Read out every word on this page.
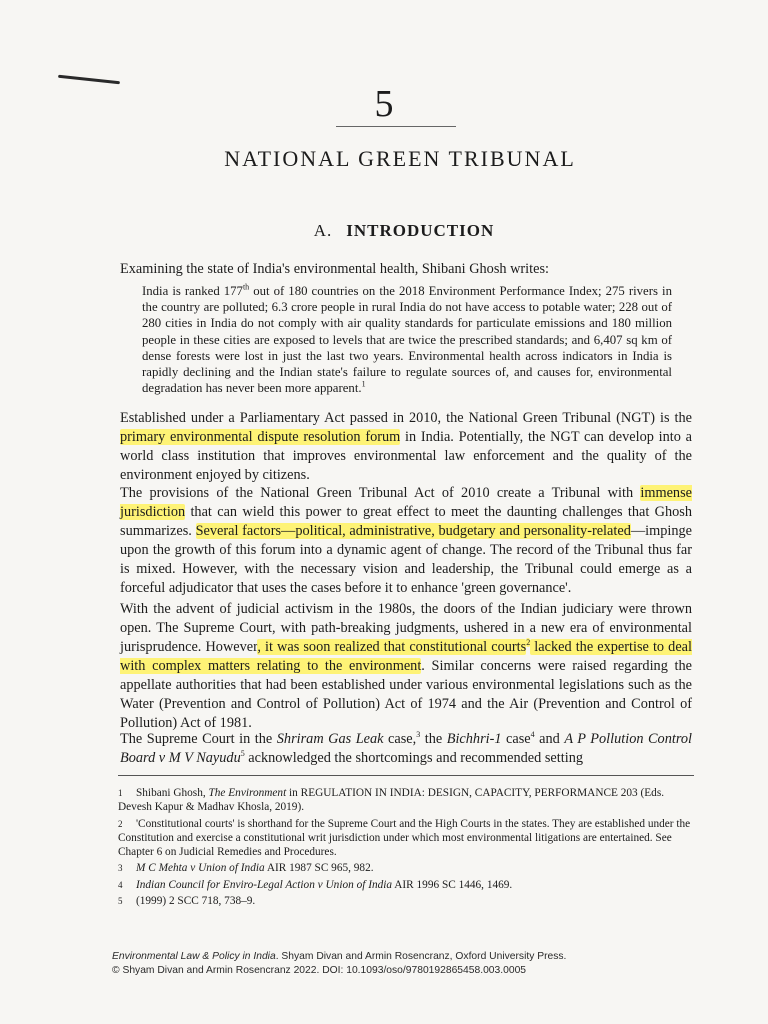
5
NATIONAL GREEN TRIBUNAL
A. INTRODUCTION

Examining the state of India's environmental health, Shibani Ghosh writes:

India is ranked 177th out of 180 countries on the 2018 Environment Performance Index; 275 rivers in the country are polluted; 6.3 crore people in rural India do not have access to potable water; 228 out of 280 cities in India do not comply with air quality standards for particulate emissions and 180 million people in these cities are exposed to levels that are twice the prescribed standards; and 6,407 sq km of dense forests were lost in just the last two years. Environmental health across indicators in India is rapidly declining and the Indian state's failure to regulate sources of, and causes for, environmental degradation has never been more apparent.$^1$

Established under a Parliamentary Act passed in 2010, the National Green Tribunal (NGT) is the primary environmental dispute resolution forum in India. Potentially, the NGT can develop into a world class institution that improves environmental law enforcement and the quality of the environment enjoyed by citizens.

The provisions of the National Green Tribunal Act of 2010 create a Tribunal with immense jurisdiction that can wield this power to great effect to meet the daunting challenges that Ghosh summarizes. Several factors—political, administrative, budgetary and personality-related—impinge upon the growth of this forum into a dynamic agent of change. The record of the Tribunal thus far is mixed. However, with the necessary vision and leadership, the Tribunal could emerge as a forceful adjudicator that uses the cases before it to enhance 'green governance'.

With the advent of judicial activism in the 1980s, the doors of the Indian judiciary were thrown open. The Supreme Court, with path-breaking judgments, ushered in a new era of environmental jurisprudence. However, it was soon realized that constitutional courts$^2$ lacked the expertise to deal with complex matters relating to the environment. Similar concerns were raised regarding the appellate authorities that had been established under various environmental legislations such as the Water (Prevention and Control of Pollution) Act of 1974 and the Air (Prevention and Control of Pollution) Act of 1981.

The Supreme Court in the Shriram Gas Leak case,$^3$ the Bichhri-1 case$^4$ and A P Pollution Control Board v M V Nayudu$^5$ acknowledged the shortcomings and recommended setting

1 Shibani Ghosh, The Environment in REGULATION IN INDIA: DESIGN, CAPACITY, PERFORMANCE 203 (Eds. Devesh Kapur & Madhav Khosla, 2019).

2 'Constitutional courts' is shorthand for the Supreme Court and the High Courts in the states. They are established under the Constitution and exercise a constitutional writ jurisdiction under which most environmental litigations are entertained. See Chapter 6 on Judicial Remedies and Procedures.

3 M C Mehta v Union of India AIR 1987 SC 965, 982.

4 Indian Council for Enviro-Legal Action v Union of India AIR 1996 SC 1446, 1469.

5 (1999) 2 SCC 718, 738–9.

Environmental Law & Policy in India. Shyam Divan and Armin Rosencranz, Oxford University Press.
© Shyam Divan and Armin Rosencranz 2022. DOI: 10.1093/oso/9780192865458.003.0005
